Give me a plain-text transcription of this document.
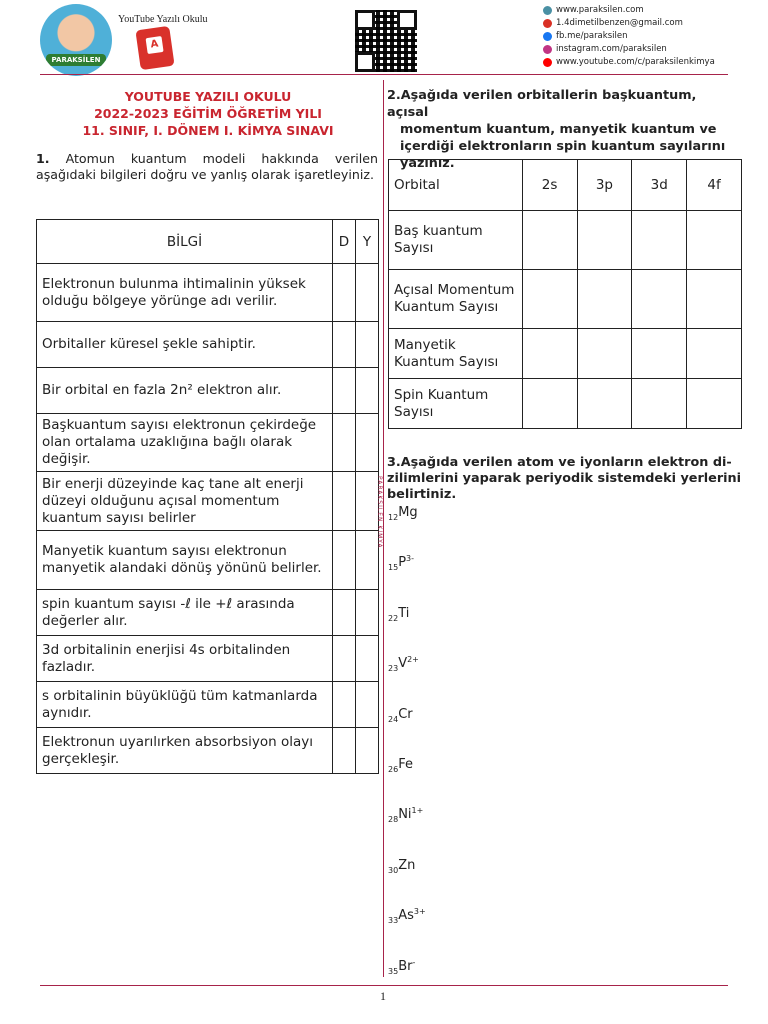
PARAKSİLEN
YouTube Yazılı Okulu
A
www.paraksilen.com
1.4dimetilbenzen@gmail.com
fb.me/paraksilen
instagram.com/paraksilen
www.youtube.com/c/paraksilenkimya
YOUTUBE YAZILI OKULU
2022-2023 EĞİTİM ÖĞRETİM YILI
11. SINIF, I. DÖNEM I. KİMYA SINAVI
1. Atomun kuantum modeli hakkında verilen aşağıdaki bilgileri doğru ve yanlış olarak işaretleyiniz.
BİLGİ	D	Y
Elektronun bulunma ihtimalinin yüksek olduğu bölgeye yörünge adı verilir.		
Orbitaller küresel şekle sahiptir.		
Bir orbital en fazla 2n² elektron alır.		
Başkuantum sayısı elektronun çekirdeğe olan ortalama uzaklığına bağlı olarak değişir.		
Bir enerji düzeyinde kaç tane alt enerji düzeyi olduğunu açısal momentum kuantum sayısı belirler		
Manyetik kuantum sayısı elektronun manyetik alandaki dönüş yönünü belirler.		
spin kuantum sayısı -ℓ ile +ℓ arasında değerler alır.		
3d orbitalinin enerjisi 4s orbitalinden fazladır.		
s orbitalinin büyüklüğü tüm katmanlarda aynıdır.		
Elektronun uyarılırken absorbsiyon olayı gerçekleşir.		
PARAKSİLEN KİMYA
2.Aşağıda verilen orbitallerin başkuantum, açısal
momentum kuantum, manyetik kuantum ve
içerdiği elektronların spin kuantum sayılarını
yazınız.
Orbital	2s	3p	3d	4f
Baş kuantum Sayısı				
Açısal Momentum Kuantum Sayısı				
Manyetik Kuantum Sayısı				
Spin Kuantum Sayısı				
3.Aşağıda verilen atom ve iyonların elektron di-
zilimlerini yaparak periyodik sistemdeki yerlerini
belirtiniz.
$_{12}$Mg
$_{15}P^{3-}$
$_{22}$Ti
$_{23}V^{2+}$
$_{24}$Cr
$_{26}$Fe
$_{28}Ni^{1+}$
$_{30}$Zn
$_{33}As^{3+}$
$_{35}$Br-
1
